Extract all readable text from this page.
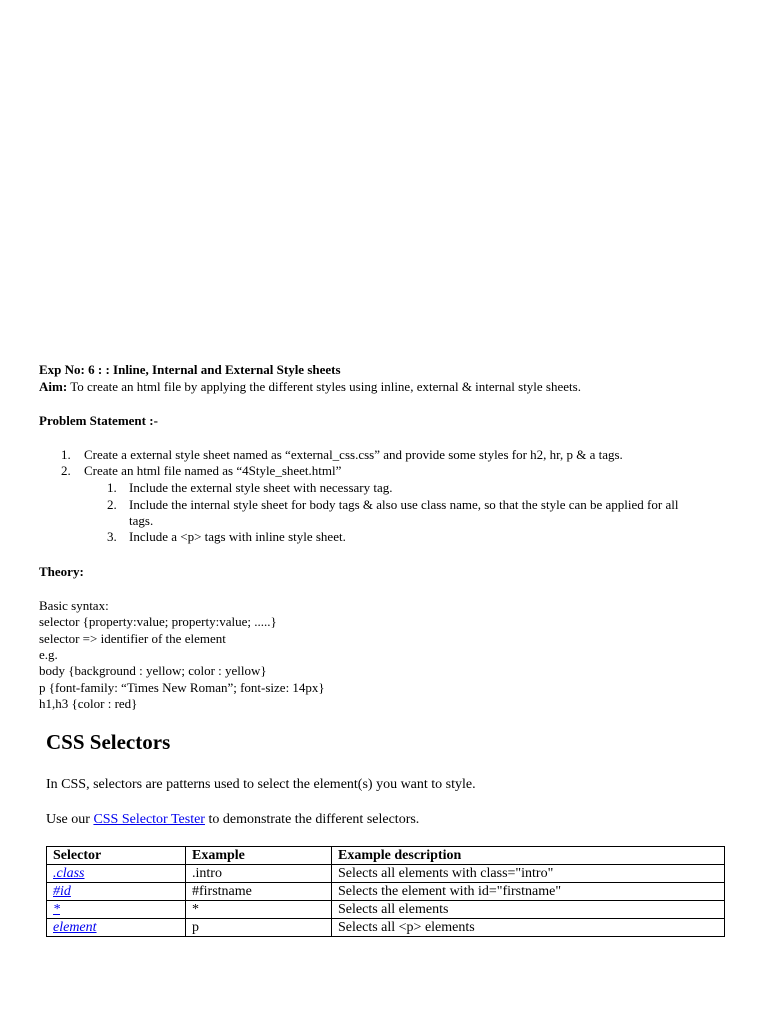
Exp No: 6 : : Inline, Internal and External Style sheets
Aim: To create an html file by applying the different styles using inline, external & internal style sheets.
Problem Statement :-
1. Create a external style sheet named as “external_css.css” and provide some styles for h2, hr, p & a tags.
2. Create an html file named as “4Style_sheet.html”
1. Include the external style sheet with necessary tag.
2. Include the internal style sheet for body tags & also use class name, so that the style can be applied for all
tags.
3. Include a <p> tags with inline style sheet.
Theory:
Basic syntax:
selector {property:value; property:value; .....}
selector => identifier of the element
e.g.
body {background : yellow; color : yellow}
p {font-family: “Times New Roman”; font-size: 14px}
h1,h3 {color : red}
CSS Selectors
In CSS, selectors are patterns used to select the element(s) you want to style.
Use our CSS Selector Tester to demonstrate the different selectors.
Selector	Example	Example description
.class	.intro	Selects all elements with class="intro"
#id	#firstname	Selects the element with id="firstname"
*	*	Selects all elements
element	p	Selects all <p> elements
